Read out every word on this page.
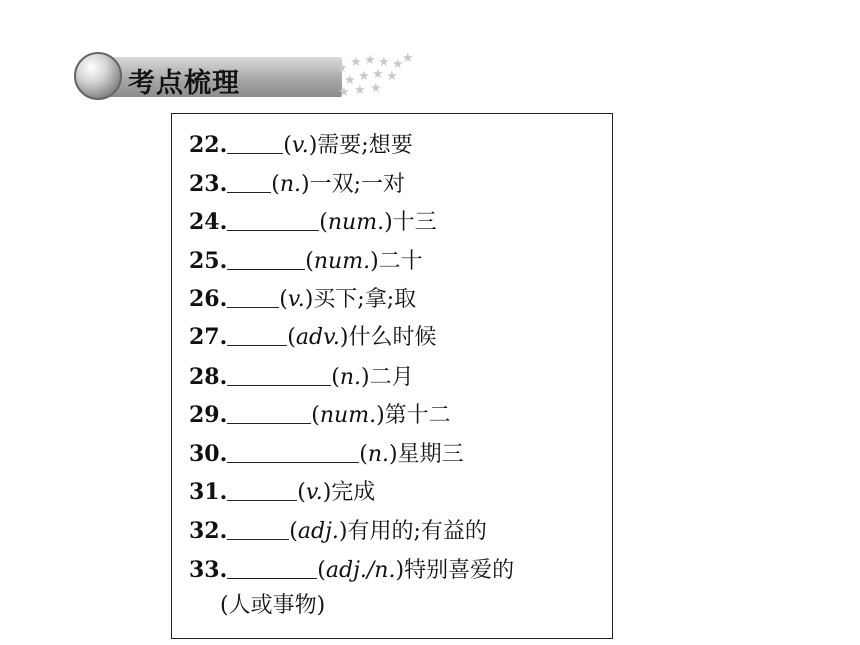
考点梳理	★ ★ ★ ★ ★
★
★ ★ ★ ★
★ ★ ★
22.	(v.)需要;想要
23. (n.)一双;一对
24.	(num.)十三
25.	(num.)二十
26. (v.)买下;拿;取
27.	(adv.)什么时候
28.	(n.)二月
29.	(num.)第十二
30.	(n.)星期三
31.	(v.)完成
32.	(adj.)有用的;有益的
33.	(adj./n.)特别喜爱的
(人或事物)
